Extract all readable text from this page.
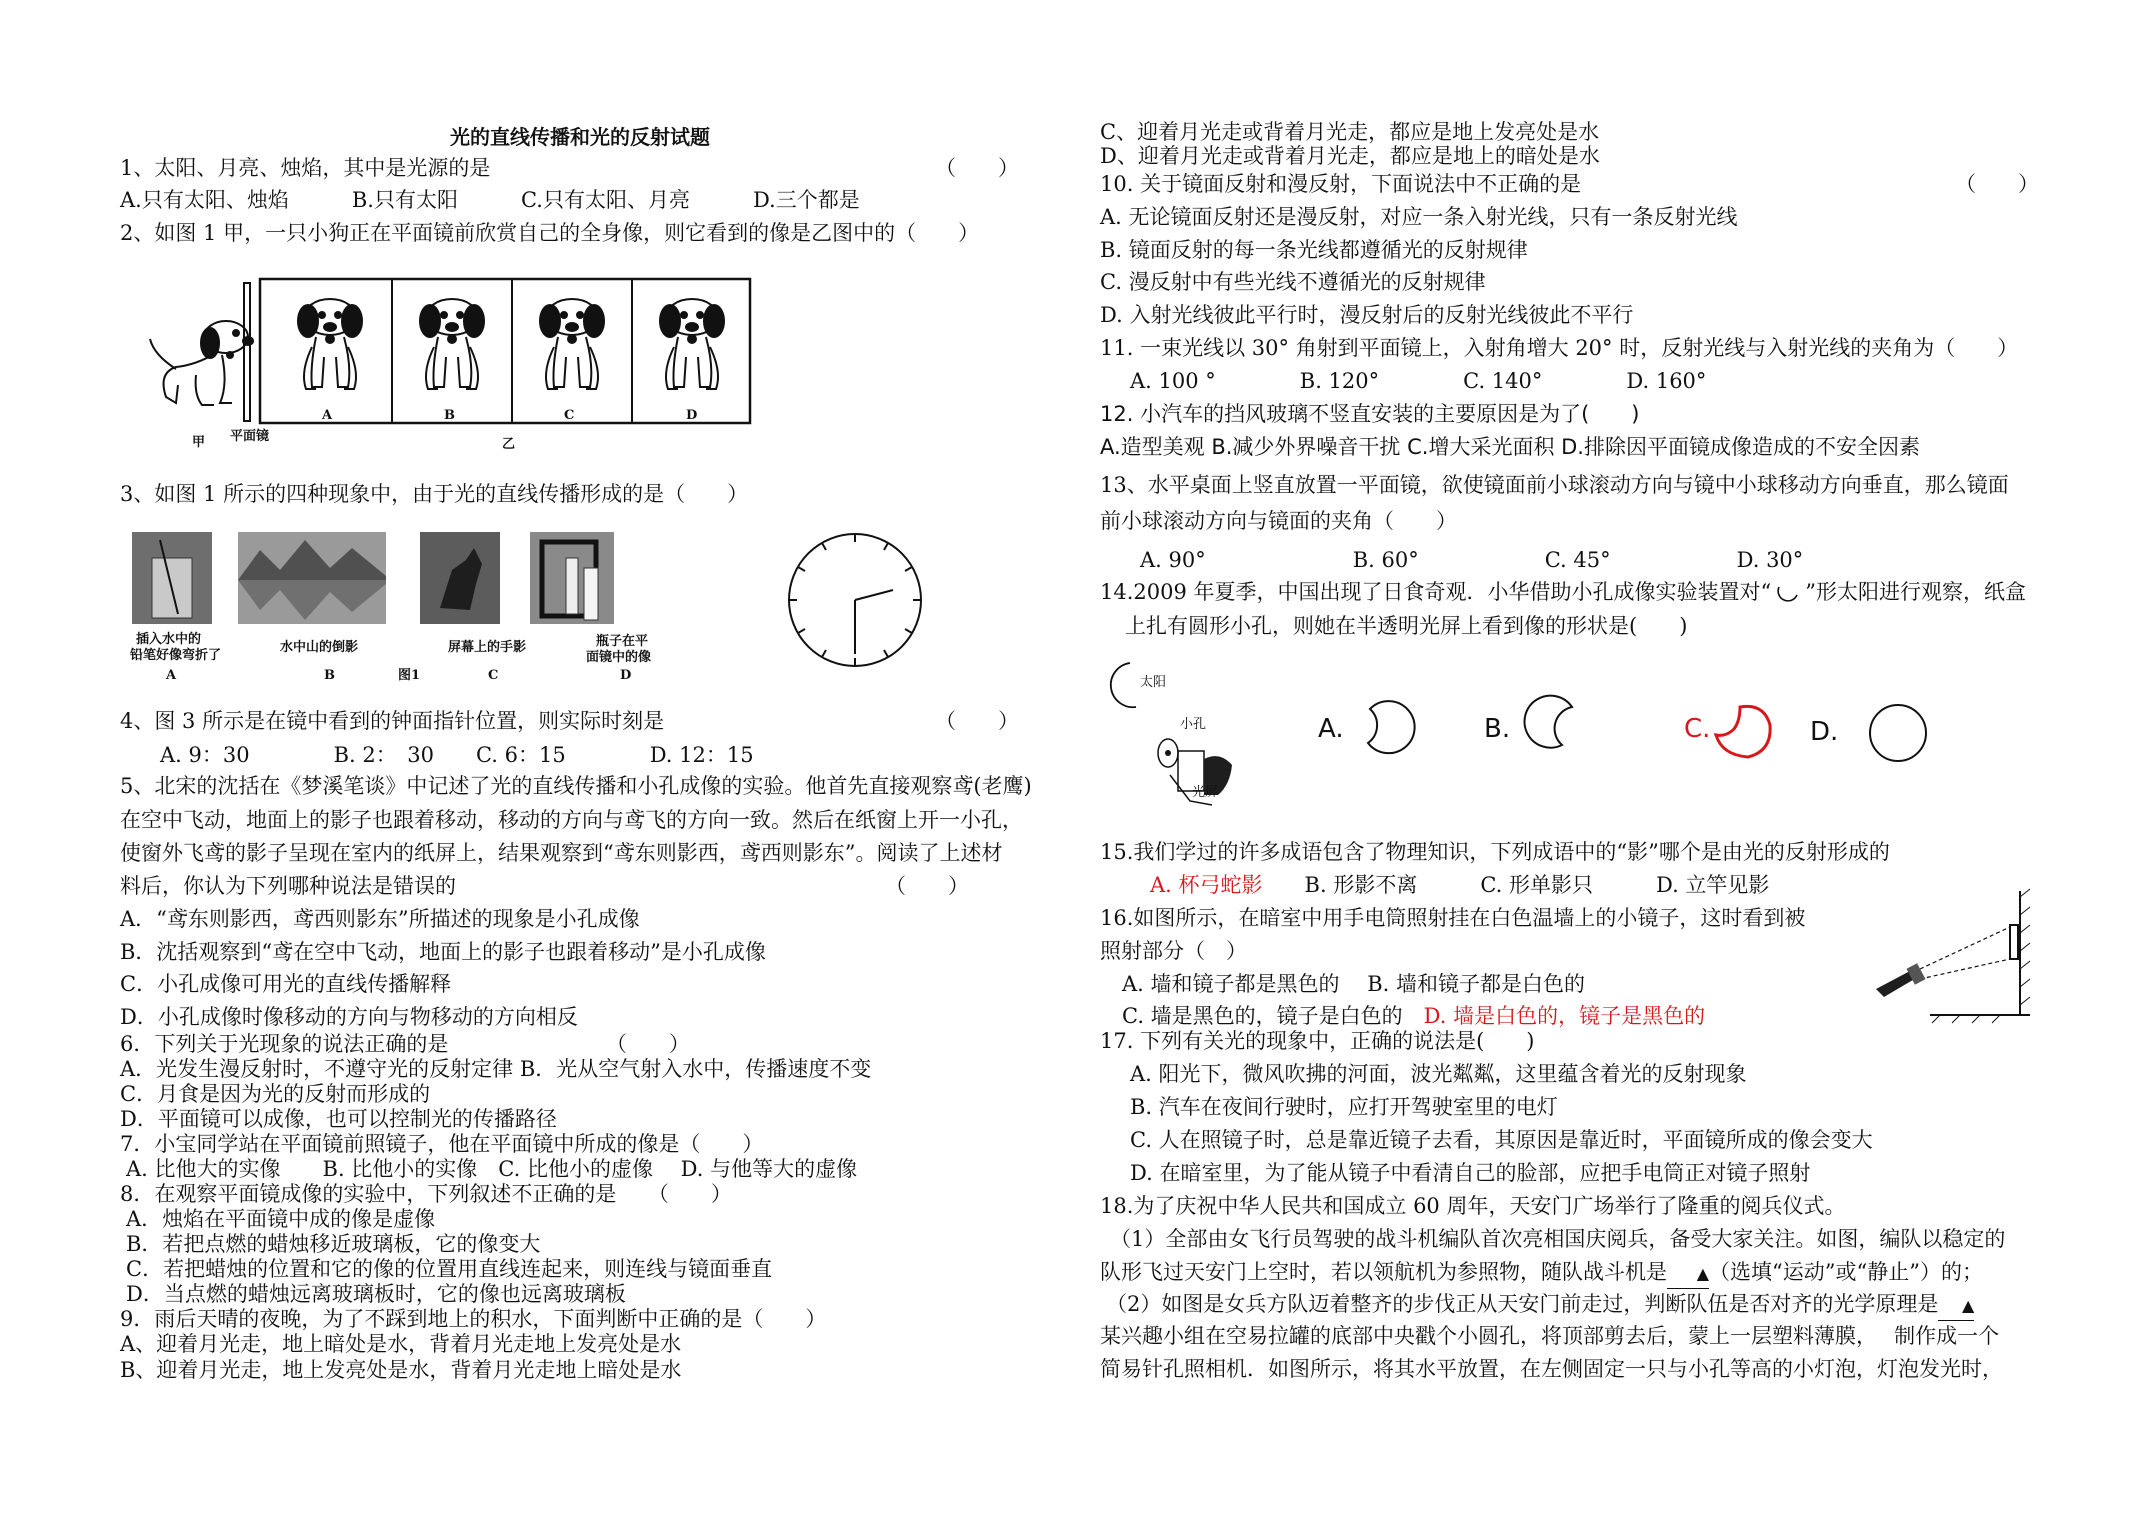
光的直线传播和光的反射试题
1、太阳、月亮、烛焰，其中是光源的是	（　　）
A.只有太阳、烛焰　　　B.只有太阳　　　C.只有太阳、月亮　　　D.三个都是
2、如图 1 甲，一只小狗正在平面镜前欣赏自己的全身像，则它看到的像是乙图中的（　　）
A	B	C	D
甲 平面镜
乙
3、如图 1 所示的四种现象中，由于光的直线传播形成的是（　　）
插入水中的
铅笔好像弯折了
A
水中山的倒影
B	图1
屏幕上的手影
C
瓶子在平
面镜中的像
D
4、图 3 所示是在镜中看到的钟面指针位置，则实际时刻是	（　　）
A. 9：30　　　　B. 2：　30　　C. 6：15　　　　D. 12：15
5、北宋的沈括在《梦溪笔谈》中记述了光的直线传播和小孔成像的实验。他首先直接观察鸢(老鹰)
在空中飞动，地面上的影子也跟着移动，移动的方向与鸢飞的方向一致。然后在纸窗上开一小孔，
使窗外飞鸢的影子呈现在室内的纸屏上，结果观察到“鸢东则影西，鸢西则影东”。阅读了上述材
料后，你认为下列哪种说法是错误的	（　　）
A．“鸢东则影西，鸢西则影东”所描述的现象是小孔成像
B．沈括观察到“鸢在空中飞动，地面上的影子也跟着移动”是小孔成像
C．小孔成像可用光的直线传播解释
D．小孔成像时像移动的方向与物移动的方向相反
6．下列关于光现象的说法正确的是　　　　　　　　（　　）
A．光发生漫反射时，不遵守光的反射定律 B．光从空气射入水中，传播速度不变
C．月食是因为光的反射而形成的
D．平面镜可以成像，也可以控制光的传播路径
7．小宝同学站在平面镜前照镜子，他在平面镜中所成的像是（　　）
A. 比他大的实像　　B. 比他小的实像　C. 比他小的虚像　 D. 与他等大的虚像
8．在观察平面镜成像的实验中，下列叙述不正确的是　　（　　）
A．烛焰在平面镜中成的像是虚像
B．若把点燃的蜡烛移近玻璃板，它的像变大
C．若把蜡烛的位置和它的像的位置用直线连起来，则连线与镜面垂直
D．当点燃的蜡烛远离玻璃板时，它的像也远离玻璃板
9．雨后天晴的夜晚，为了不踩到地上的积水，下面判断中正确的是（　　）
A、迎着月光走，地上暗处是水，背着月光走地上发亮处是水
B、迎着月光走，地上发亮处是水，背着月光走地上暗处是水
C、迎着月光走或背着月光走，都应是地上发亮处是水
D、迎着月光走或背着月光走，都应是地上的暗处是水
10. 关于镜面反射和漫反射，下面说法中不正确的是	（　　）
A. 无论镜面反射还是漫反射，对应一条入射光线，只有一条反射光线
B. 镜面反射的每一条光线都遵循光的反射规律
C. 漫反射中有些光线不遵循光的反射规律
D. 入射光线彼此平行时，漫反射后的反射光线彼此不平行
11. 一束光线以 30° 角射到平面镜上，入射角增大 20° 时，反射光线与入射光线的夹角为（　　）
A. 100 °　　　　B. 120°　　　　C. 140°　　　　D. 160°
12. 小汽车的挡风玻璃不竖直安装的主要原因是为了(　　)
A.造型美观 B.减少外界噪音干扰 C.增大采光面积 D.排除因平面镜成像造成的不安全因素
13、水平桌面上竖直放置一平面镜，欲使镜面前小球滚动方向与镜中小球移动方向垂直，那么镜面
前小球滚动方向与镜面的夹角（　　）
A. 90°　　　　　　　B. 60°　　　　　　C. 45°　　　　　　D. 30°
14.2009 年夏季，中国出现了日食奇观．小华借助小孔成像实验装置对“ ”形太阳进行观察，纸盒
上扎有圆形小孔，则她在半透明光屏上看到像的形状是(　　)
太阳
小孔
光屏
A.	B.	C.	D.
15.我们学过的许多成语包含了物理知识，下列成语中的“影”哪个是由光的反射形成的
A. 杯弓蛇影　　 B. 形影不离　　　C. 形单影只　　　D. 立竿见影
16.如图所示，在暗室中用手电筒照射挂在白色温墙上的小镜子，这时看到被
照射部分（　）
A. 墙和镜子都是黑色的　 B. 墙和镜子都是白色的
C. 墙是黑色的，镜子是白色的　 D. 墙是白色的，镜子是黑色的
17. 下列有关光的现象中，正确的说法是(　　)
A. 阳光下，微风吹拂的河面，波光粼粼，这里蕴含着光的反射现象
B. 汽车在夜间行驶时，应打开驾驶室里的电灯
C. 人在照镜子时，总是靠近镜子去看，其原因是靠近时，平面镜所成的像会变大
D. 在暗室里，为了能从镜子中看清自己的脸部，应把手电筒正对镜子照射
18.为了庆祝中华人民共和国成立 60 周年，天安门广场举行了隆重的阅兵仪式。
（1）全部由女飞行员驾驶的战斗机编队首次亮相国庆阅兵，备受大家关注。如图，编队以稳定的
队形飞过天安门上空时，若以领航机为参照物，随队战斗机是 ▲（选填“运动”或“静止”）的；
（2）如图是女兵方队迈着整齐的步伐正从天安门前走过，判断队伍是否对齐的光学原理是 ▲
某兴趣小组在空易拉罐的底部中央戳个小圆孔，将顶部剪去后，蒙上一层塑料薄膜，　 制作成一个
简易针孔照相机．如图所示，将其水平放置，在左侧固定一只与小孔等高的小灯泡，灯泡发光时，
